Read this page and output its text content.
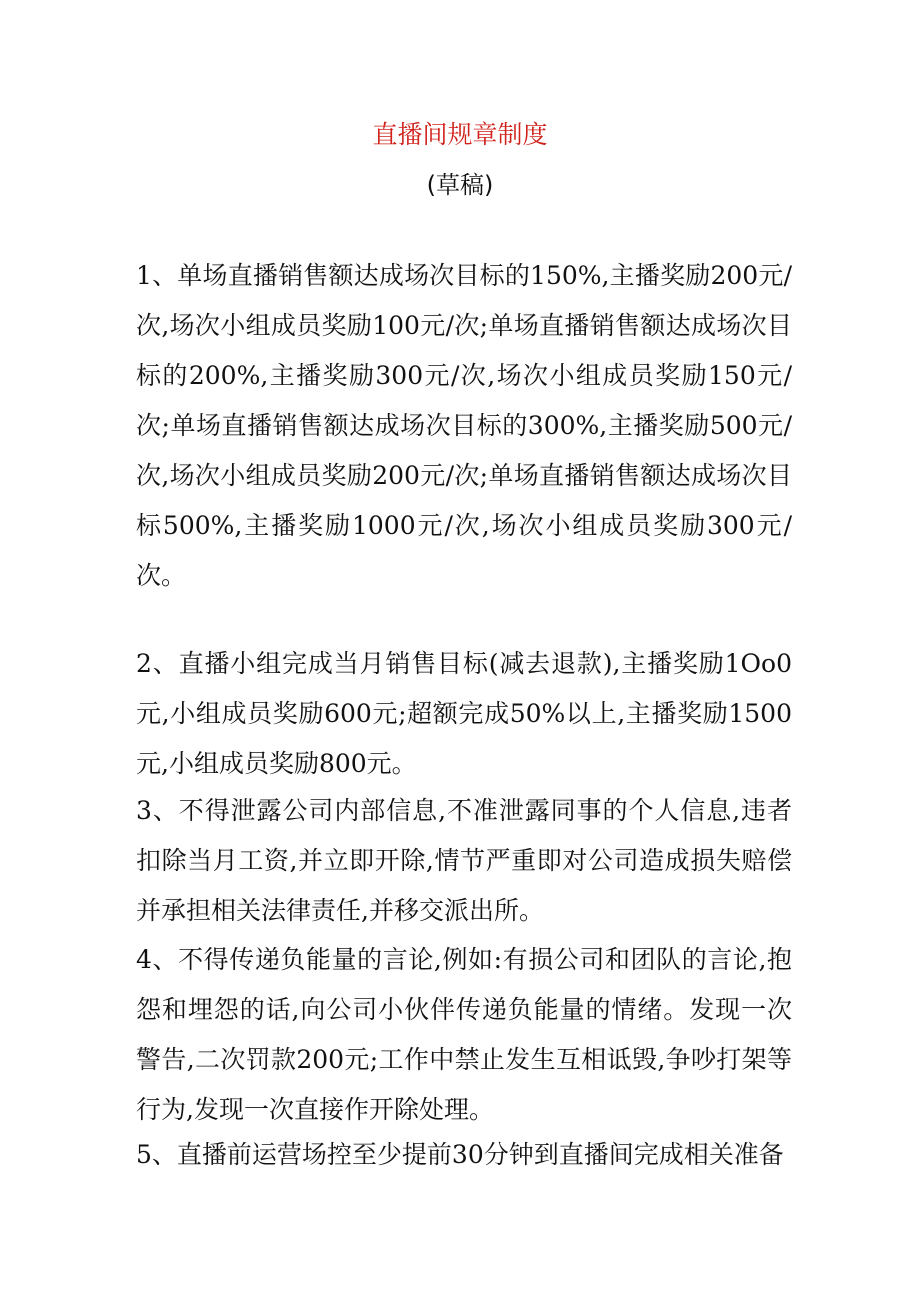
直播间规章制度
(草稿)

1、单场直播销售额达成场次目标的150%,主播奖励200元/次,场次小组成员奖励100元/次;单场直播销售额达成场次目标的200%,主播奖励300元/次,场次小组成员奖励150元/次;单场直播销售额达成场次目标的300%,主播奖励500元/次,场次小组成员奖励200元/次;单场直播销售额达成场次目标500%,主播奖励1000元/次,场次小组成员奖励300元/次。

2、直播小组完成当月销售目标(减去退款),主播奖励1Oo0元,小组成员奖励600元;超额完成50%以上,主播奖励1500元,小组成员奖励800元。

3、不得泄露公司内部信息,不准泄露同事的个人信息,违者扣除当月工资,并立即开除,情节严重即对公司造成损失赔偿并承担相关法律责任,并移交派出所。

4、不得传递负能量的言论,例如:有损公司和团队的言论,抱怨和埋怨的话,向公司小伙伴传递负能量的情绪。发现一次警告,二次罚款200元;工作中禁止发生互相诋毁,争吵打架等行为,发现一次直接作开除处理。

5、直播前运营场控至少提前30分钟到直播间完成相关准备
